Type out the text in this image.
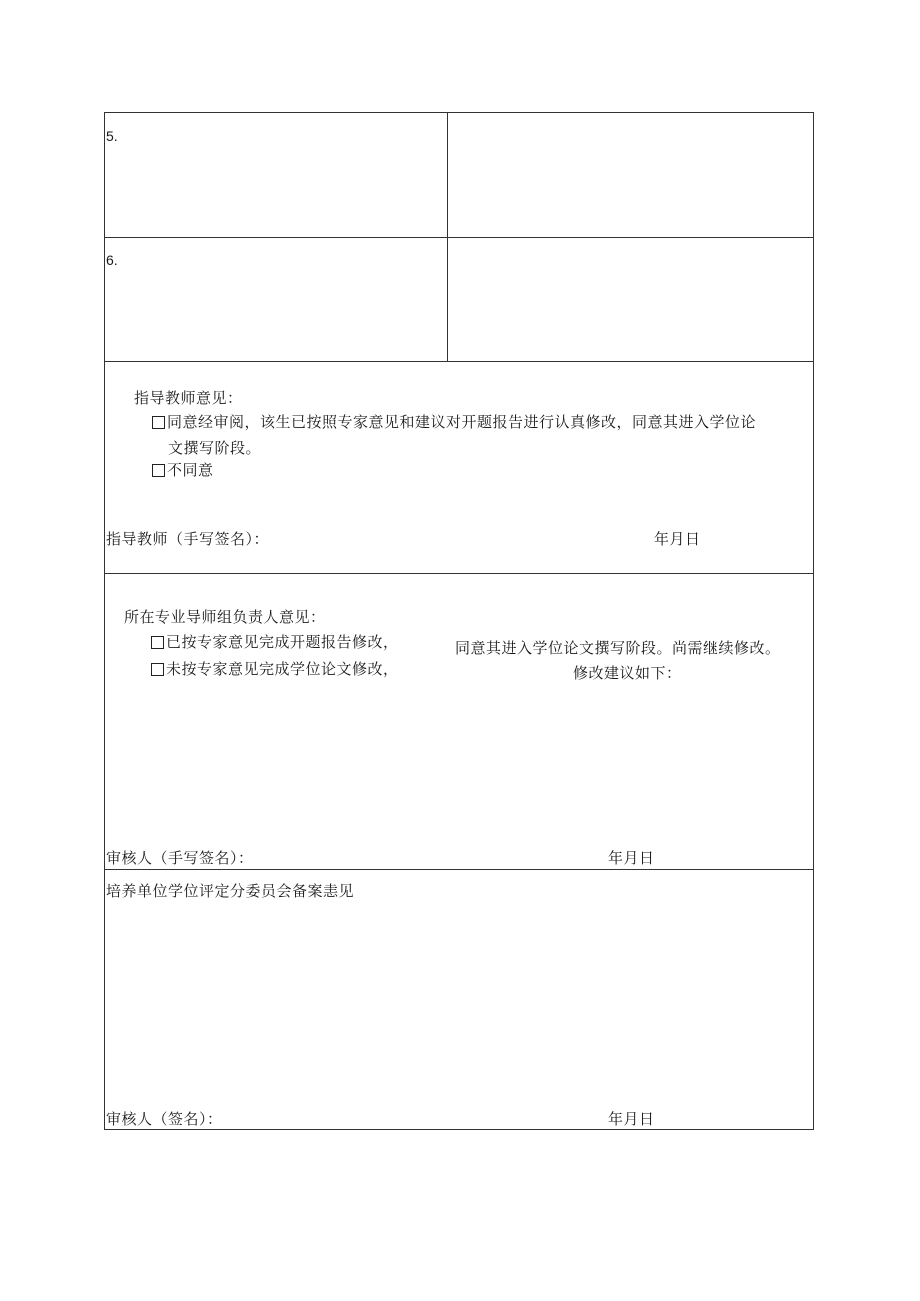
5.
6.
指导教师意见：
同意经审阅，该生已按照专家意见和建议对开题报告进行认真修改，同意其进入学位论
文撰写阶段。
不同意
指导教师（手写签名）：	年月日
所在专业导师组负责人意见：
已按专家意见完成开题报告修改，	同意其进入学位论文撰写阶段。尚需继续修改。
未按专家意见完成学位论文修改，	修改建议如下：
审核人（手写签名）：	年月日
培养单位学位评定分委员会备案恚见
审核人（签名）：	年月日
